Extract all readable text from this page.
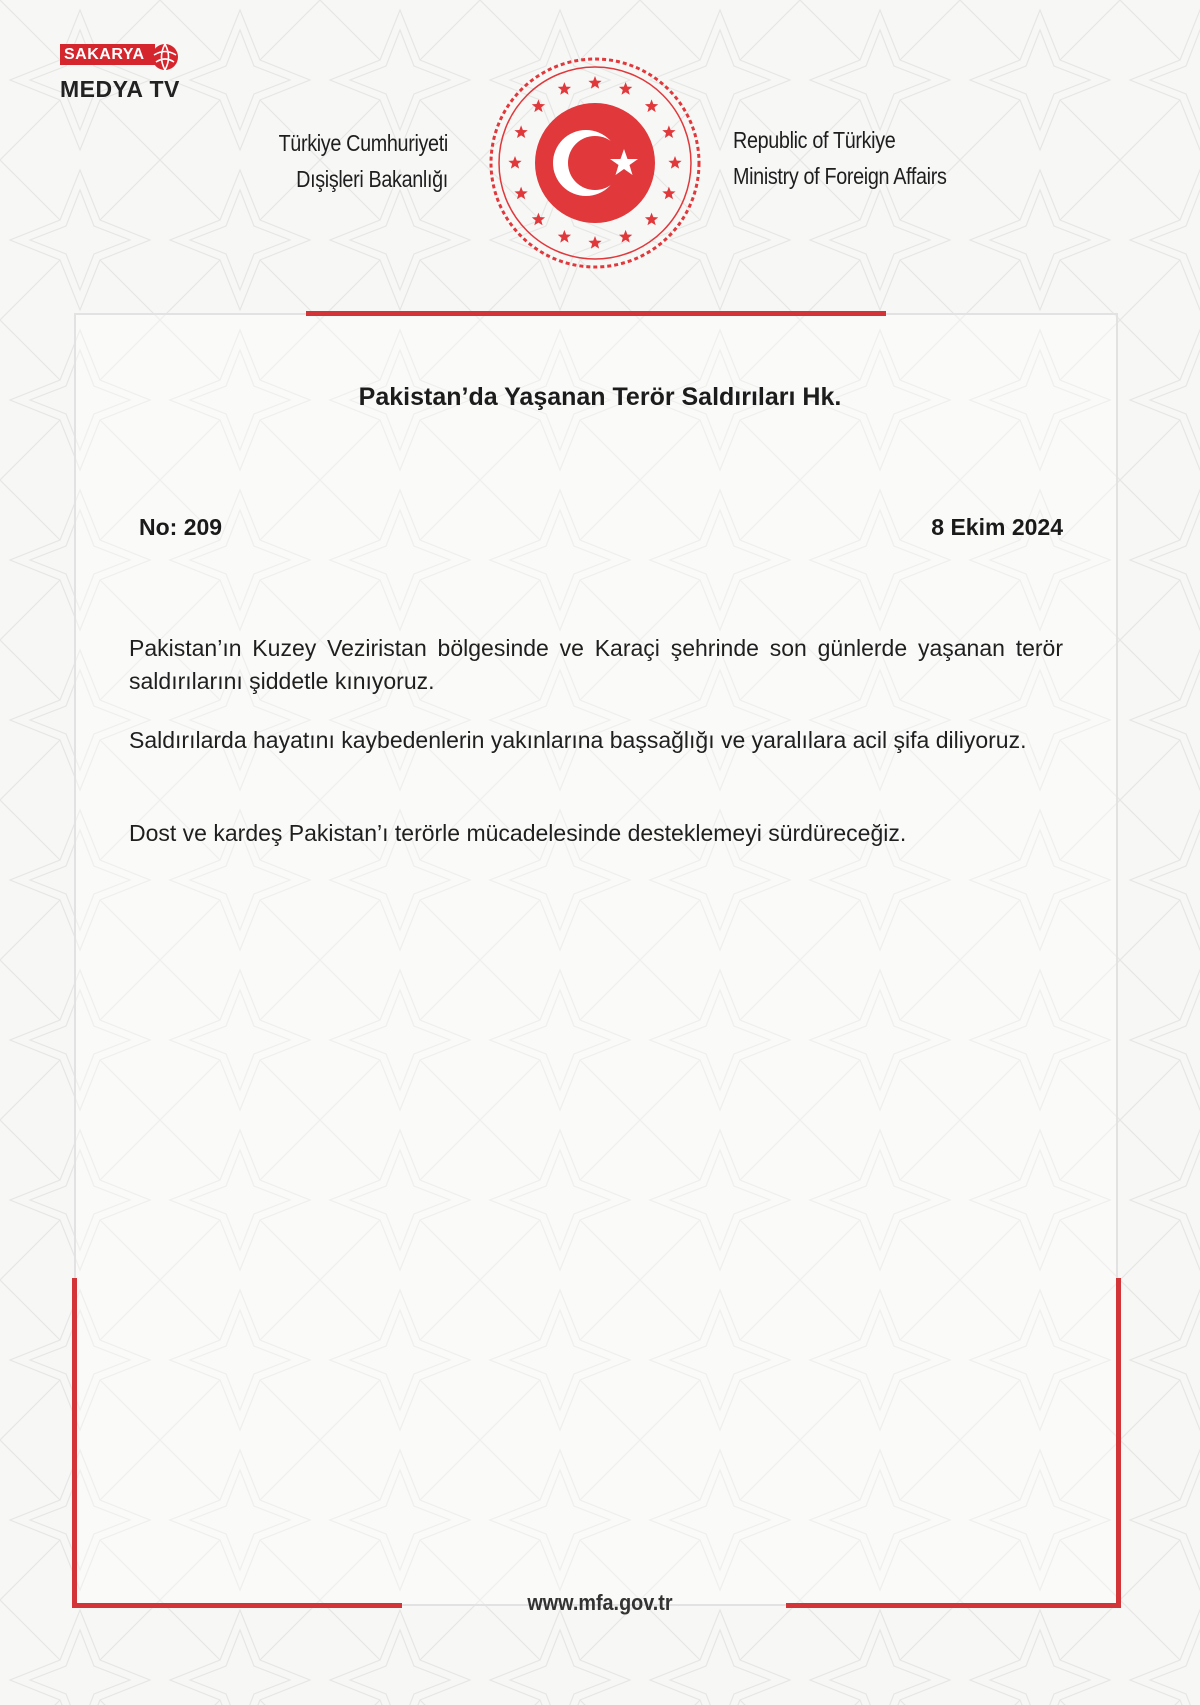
SAKARYA
MEDYA TV
Türkiye Cumhuriyeti
Dışişleri Bakanlığı
Republic of Türkiye
Ministry of Foreign Affairs
Pakistan’da Yaşanan Terör Saldırıları Hk.
No: 209	8 Ekim 2024
Pakistan’ın Kuzey Veziristan bölgesinde ve Karaçi şehrinde son günlerde yaşanan terör saldırılarını şiddetle kınıyoruz.
Saldırılarda hayatını kaybedenlerin yakınlarına başsağlığı ve yaralılara acil şifa diliyoruz.
Dost ve kardeş Pakistan’ı terörle mücadelesinde desteklemeyi sürdüreceğiz.
www.mfa.gov.tr
